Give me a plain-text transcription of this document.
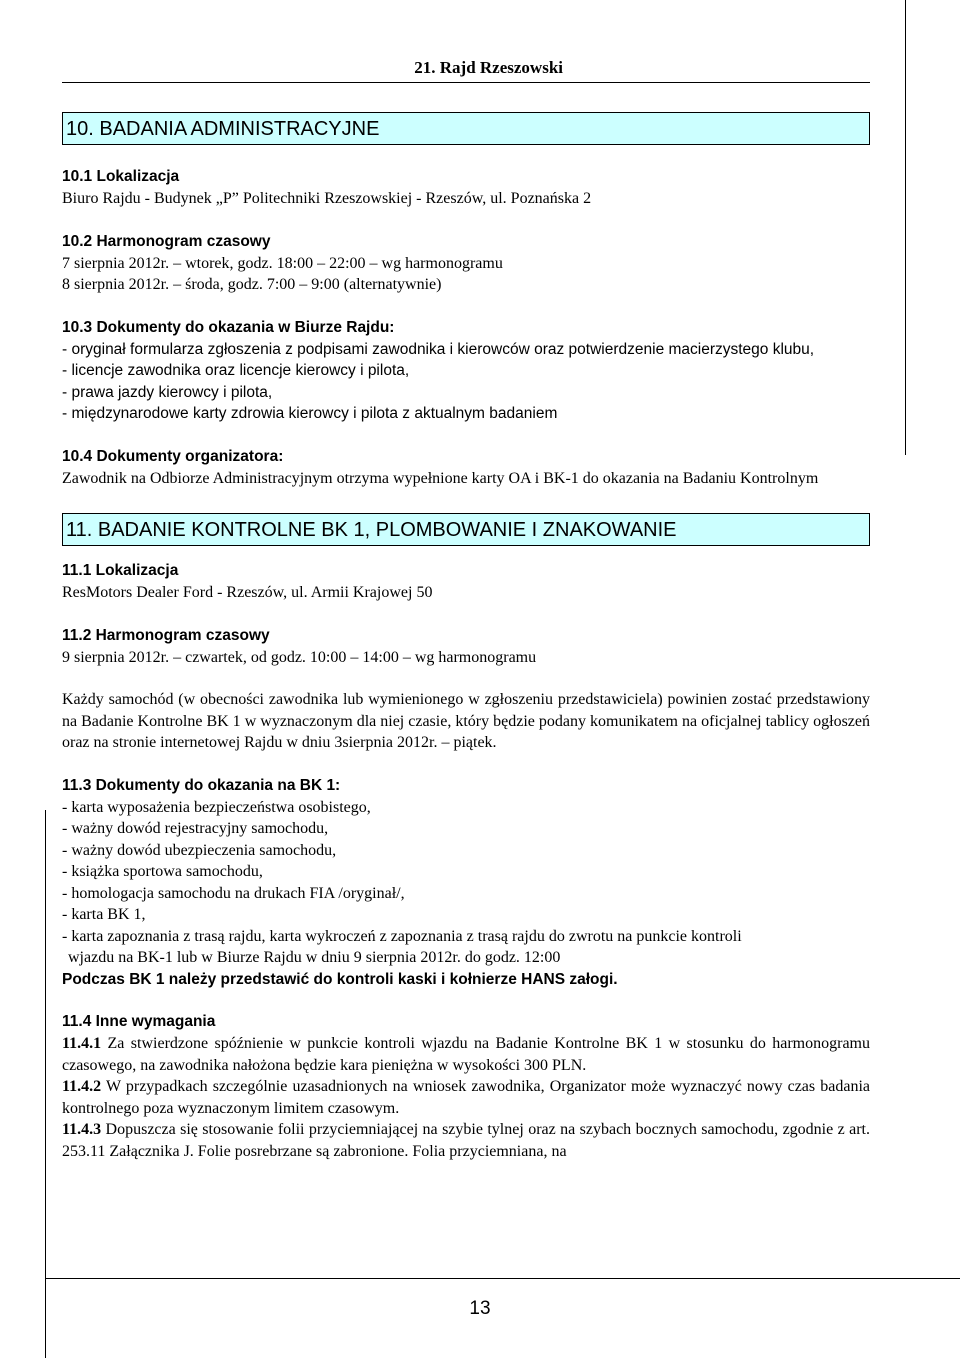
21. Rajd Rzeszowski

10. BADANIA ADMINISTRACYJNE

10.1 Lokalizacja

Biuro Rajdu - Budynek „P” Politechniki Rzeszowskiej - Rzeszów, ul. Poznańska 2

10.2 Harmonogram czasowy

7 sierpnia 2012r. – wtorek, godz. 18:00 – 22:00 – wg harmonogramu

8 sierpnia 2012r. – środa, godz. 7:00 – 9:00 (alternatywnie)

10.3 Dokumenty do okazania w Biurze Rajdu:

- oryginał formularza zgłoszenia z podpisami zawodnika i kierowców oraz potwierdzenie macierzystego klubu,

- licencje zawodnika oraz licencje kierowcy i pilota,

- prawa jazdy kierowcy i pilota,

- międzynarodowe karty zdrowia kierowcy i pilota z aktualnym badaniem

10.4 Dokumenty organizatora:

Zawodnik na Odbiorze Administracyjnym otrzyma wypełnione karty OA i BK-1 do okazania na Badaniu Kontrolnym

11. BADANIE KONTROLNE BK 1, PLOMBOWANIE I ZNAKOWANIE

11.1 Lokalizacja

ResMotors Dealer Ford - Rzeszów, ul. Armii Krajowej 50

11.2 Harmonogram czasowy

9 sierpnia 2012r. – czwartek, od godz. 10:00 – 14:00 – wg harmonogramu

Każdy samochód (w obecności zawodnika lub wymienionego w zgłoszeniu przedstawiciela) powinien zostać przedstawiony na Badanie Kontrolne BK 1 w wyznaczonym dla niej czasie, który będzie podany komunikatem na oficjalnej tablicy ogłoszeń oraz na stronie internetowej Rajdu w dniu 3sierpnia 2012r. – piątek.

11.3 Dokumenty do okazania na BK 1:

- karta wyposażenia bezpieczeństwa osobistego,

- ważny dowód rejestracyjny samochodu,

- ważny dowód ubezpieczenia samochodu,

- książka sportowa samochodu,

- homologacja samochodu na drukach FIA /oryginał/,

- karta BK 1,

- karta zapoznania z trasą rajdu, karta wykroczeń z zapoznania z trasą rajdu do zwrotu na punkcie kontroli

wjazdu na BK-1 lub w Biurze Rajdu w dniu 9 sierpnia 2012r. do godz. 12:00

Podczas BK 1 należy przedstawić do kontroli kaski i kołnierze HANS załogi.

11.4 Inne wymagania

11.4.1 Za stwierdzone spóźnienie w punkcie kontroli wjazdu na Badanie Kontrolne BK 1 w stosunku do harmonogramu czasowego, na zawodnika nałożona będzie kara pieniężna w wysokości 300 PLN.

11.4.2 W przypadkach szczególnie uzasadnionych na wniosek zawodnika, Organizator może wyznaczyć nowy czas badania kontrolnego poza wyznaczonym limitem czasowym.

11.4.3 Dopuszcza się stosowanie folii przyciemniającej na szybie tylnej oraz na szybach bocznych samochodu, zgodnie z art. 253.11 Załącznika J. Folie posrebrzane są zabronione. Folia przyciemniana, na

13
